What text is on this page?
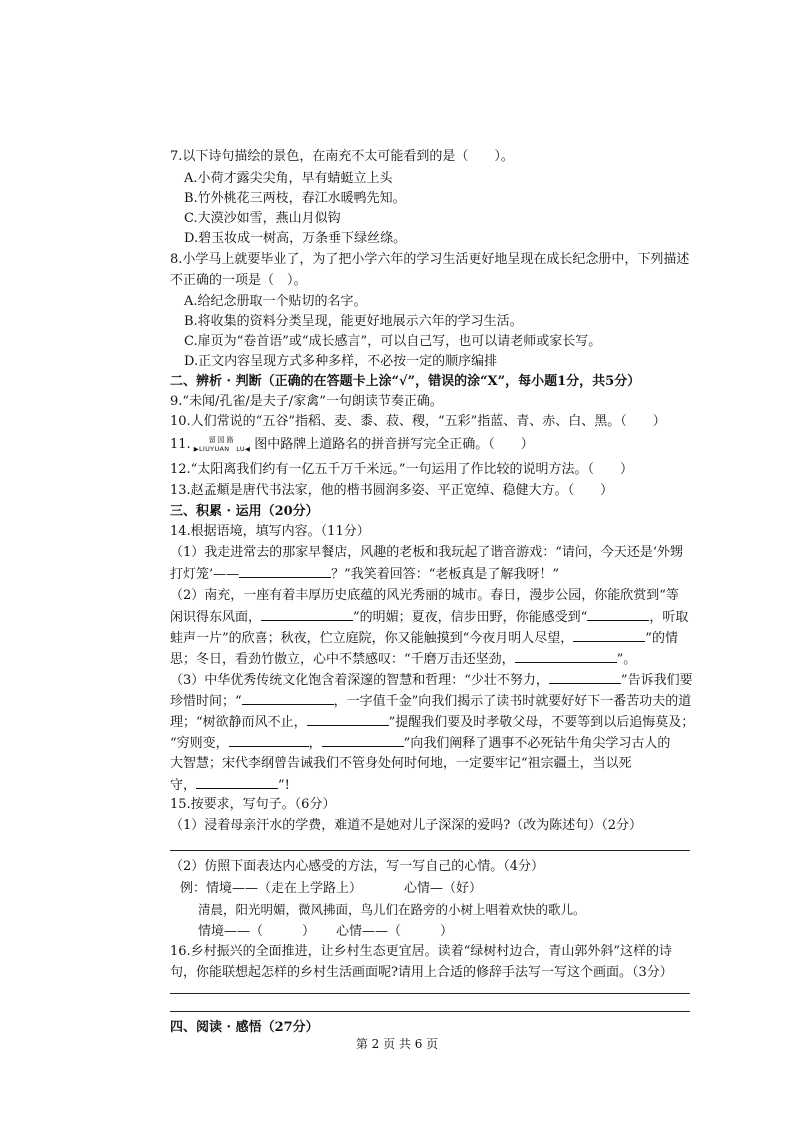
7.以下诗句描绘的景色，在南充不太可能看到的是（　　）。
A.小荷才露尖尖角，早有蜻蜓立上头
B.竹外桃花三两枝，春江水暖鸭先知。
C.大漠沙如雪，燕山月似钩
D.碧玉妆成一树高，万条垂下绿丝绦。
8.小学马上就要毕业了，为了把小学六年的学习生活更好地呈现在成长纪念册中，下列描述
不正确的一项是（　）。
A.给纪念册取一个贴切的名字。
B.将收集的资料分类呈现，能更好地展示六年的学习生活。
C.扉页为“卷首语”或“成长感言”，可以自己写，也可以请老师或家长写。
D.正文内容呈现方式多种多样，不必按一定的顺序编排
二、辨析 · 判断（正确的在答题卡上涂“√”，错误的涂“X”，每小题1分，共5分）
9.“未闻/孔雀/是夫子/家禽”一句朗读节奏正确。
10.人们常说的“五谷”指稻、麦、黍、菽、稷，“五彩”指蓝、青、赤、白、黑。（　　）
11.	留园路
▶LIUYUAN　LU◀ 图中路牌上道路名的拼音拼写完全正确。（　　）
12.“太阳离我们约有一亿五千万千米远。”一句运用了作比较的说明方法。（　　）
13.赵孟頫是唐代书法家，他的楷书圆润多姿、平正宽绰、稳健大方。（　　）
三、积累 · 运用（20分）
14.根据语境，填写内容。（11分）
（1）我走进常去的那家早餐店，风趣的老板和我玩起了谐音游戏：“请问，今天还是‘外甥
打灯笼’——	？”我笑着回答：“老板真是了解我呀！”
（2）南充，一座有着丰厚历史底蕴的风光秀丽的城市。春日，漫步公园，你能欣赏到“等
闲识得东风面，	”的明媚；夏夜，信步田野，你能感受到“	，听取
蛙声一片”的欣喜；秋夜，伫立庭院，你又能触摸到“今夜月明人尽望，	”的情
思；冬日，看劲竹傲立，心中不禁感叹：“千磨万击还坚劲，	”。
（3）中华优秀传统文化饱含着深邃的智慧和哲理：“少壮不努力，	”告诉我们要
珍惜时间；“	，一字值千金”向我们揭示了读书时就要好好下一番苦功夫的道
理；“树欲静而风不止，	”提醒我们要及时孝敬父母，不要等到以后追悔莫及；
“穷则变，	，	”向我们阐释了遇事不必死钻牛角尖学习古人的
大智慧；宋代李纲曾告诫我们不管身处何时何地，一定要牢记“祖宗疆土，当以死
守，	”!
15.按要求，写句子。（6分）
（1）浸着母亲汗水的学费，难道不是她对儿子深深的爱吗?（改为陈述句）（2分）
（2）仿照下面表达内心感受的方法，写一写自己的心情。（4分）
例：情境——（走在上学路上）	心情—（好）
清晨，阳光明媚，微风拂面，鸟儿们在路旁的小树上唱着欢快的歌儿。
情境——（　　　） 心情——（　　　）
16.乡村振兴的全面推进，让乡村生态更宜居。读着“绿树村边合，青山郭外斜”这样的诗
句，你能联想起怎样的乡村生活画面呢?请用上合适的修辞手法写一写这个画面。（3分）
四、阅读 · 感悟（27分）
第 2 页 共 6 页
